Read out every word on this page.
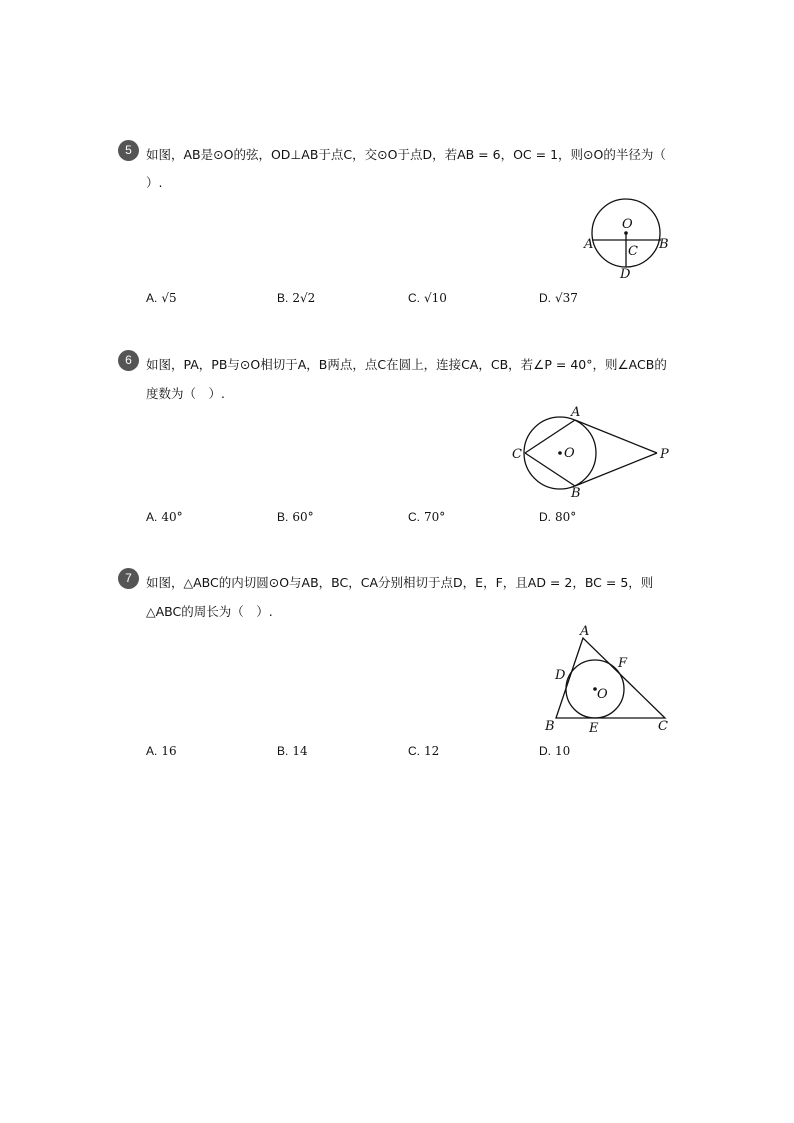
5	如图，AB是⊙O的弦，OD⊥AB于点C，交⊙O于点D，若AB = 6，OC = 1，则⊙O的半径为（
）.
O
A	B
C
D
A. √5	B. 2√2	C. √10	D. √37
6	如图，PA，PB与⊙O相切于A，B两点，点C在圆上，连接CA，CB，若∠P = 40°，则∠ACB的
度数为（　）.
A
B
C	O	P
A. 40°	B. 60°	C. 70°	D. 80°
7	如图，△ABC的内切圆⊙O与AB，BC，CA分别相切于点D，E，F，且AD = 2，BC = 5，则
△ABC的周长为（　）.
A
B	C
D
E
F
O
A. 16	B. 14	C. 12	D. 10
